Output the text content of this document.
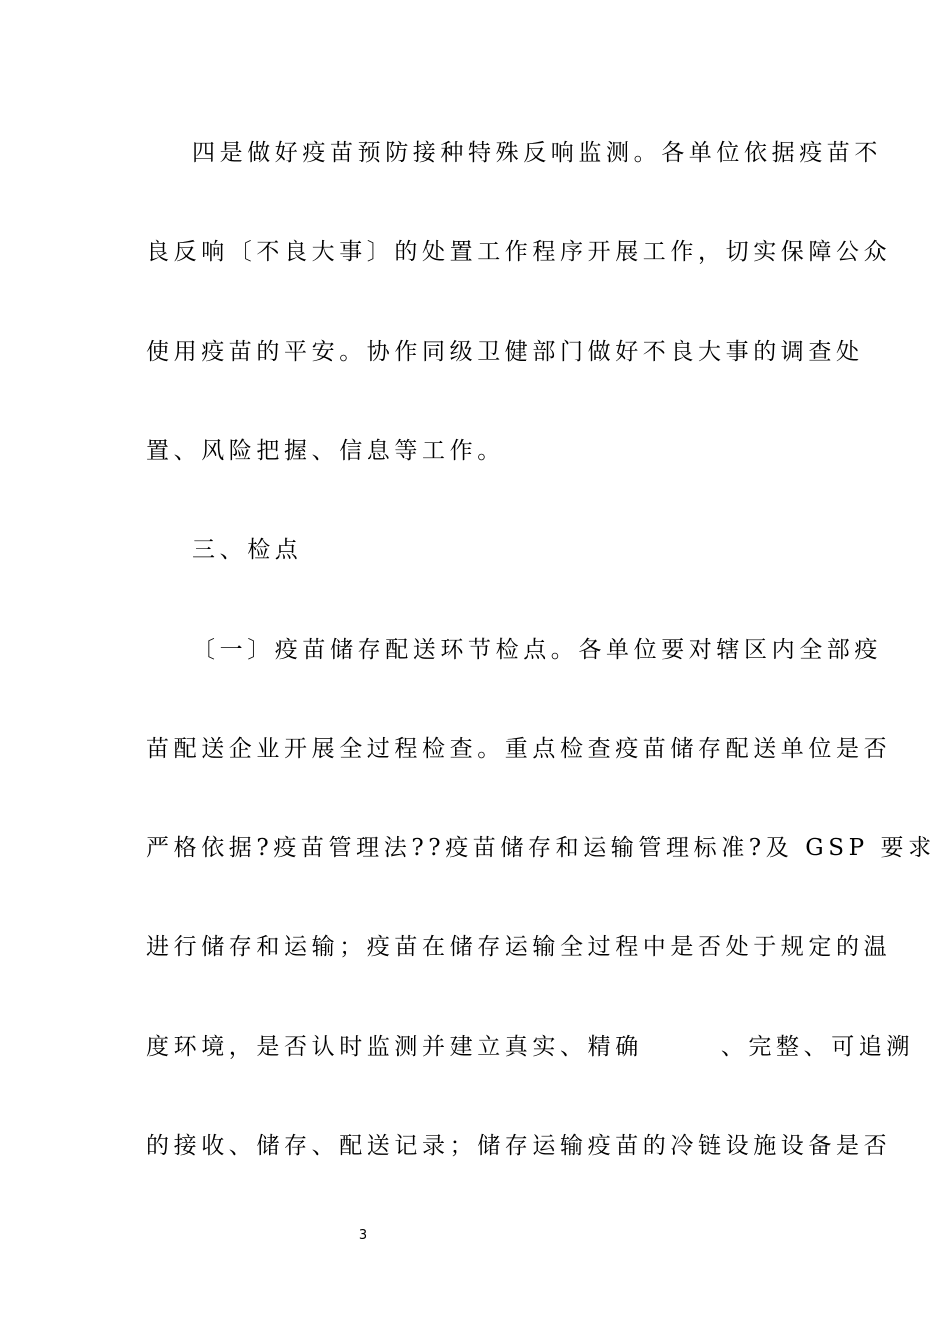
四是做好疫苗预防接种特殊反响监测。各单位依据疫苗不
良反响〔不良大事〕的处置工作程序开展工作，切实保障公众
使用疫苗的平安。协作同级卫健部门做好不良大事的调查处
置、风险把握、信息等工作。
三、检点
〔一〕疫苗储存配送环节检点。各单位要对辖区内全部疫
苗配送企业开展全过程检查。重点检查疫苗储存配送单位是否
严格依据?疫苗管理法??疫苗储存和运输管理标准?及 GSP 要求
进行储存和运输；疫苗在储存运输全过程中是否处于规定的温
度环境，是否认时监测并建立真实、精确	、完整、可追溯
的接收、储存、配送记录；储存运输疫苗的冷链设施设备是否
3
